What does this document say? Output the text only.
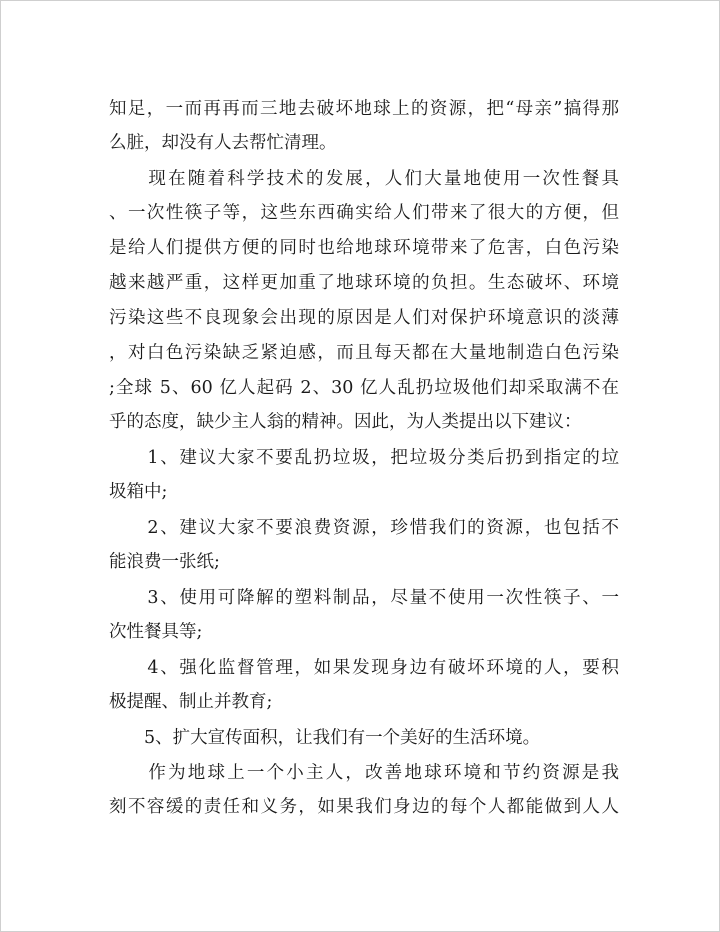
知足，一而再再而三地去破坏地球上的资源，把“母亲”搞得那
么脏，却没有人去帮忙清理。
　　现在随着科学技术的发展，人们大量地使用一次性餐具
、一次性筷子等，这些东西确实给人们带来了很大的方便，但
是给人们提供方便的同时也给地球环境带来了危害，白色污染
越来越严重，这样更加重了地球环境的负担。生态破坏、环境
污染这些不良现象会出现的原因是人们对保护环境意识的淡薄
，对白色污染缺乏紧迫感，而且每天都在大量地制造白色污染
;全球 5、60 亿人起码 2、30 亿人乱扔垃圾他们却采取满不在
乎的态度，缺少主人翁的精神。因此，为人类提出以下建议：
　　1、建议大家不要乱扔垃圾，把垃圾分类后扔到指定的垃
圾箱中;
　　2、建议大家不要浪费资源，珍惜我们的资源，也包括不
能浪费一张纸;
　　3、使用可降解的塑料制品，尽量不使用一次性筷子、一
次性餐具等;
　　4、强化监督管理，如果发现身边有破坏环境的人，要积
极提醒、制止并教育;
　　5、扩大宣传面积，让我们有一个美好的生活环境。
　　作为地球上一个小主人，改善地球环境和节约资源是我
刻不容缓的责任和义务，如果我们身边的每个人都能做到人人
